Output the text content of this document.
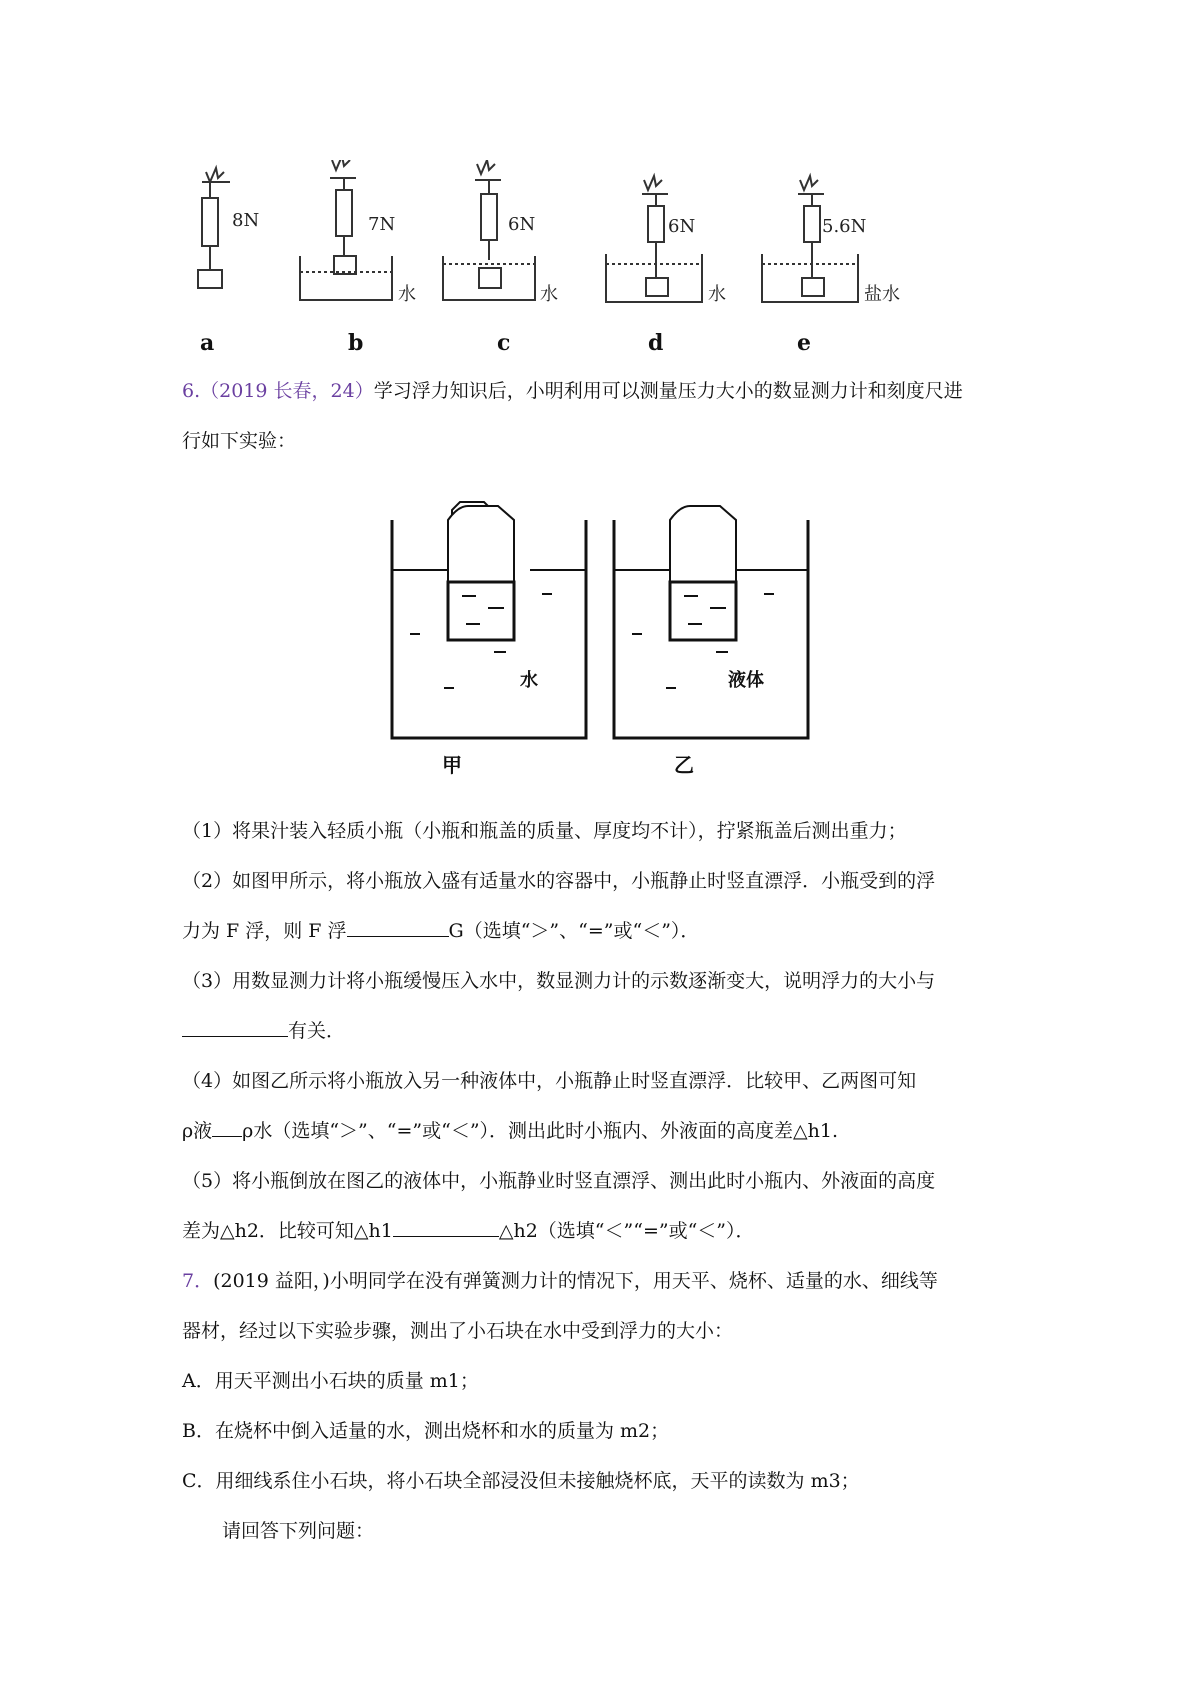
8N	7N	6N	6N	5.6N
水	水	水	盐水
a	b	c	d	e
6.（2019 长春，24）学习浮力知识后，小明利用可以测量压力大小的数显测力计和刻度尺进
行如下实验：
水	液体
甲	乙
（1）将果汁装入轻质小瓶（小瓶和瓶盖的质量、厚度均不计），拧紧瓶盖后测出重力；
（2）如图甲所示，将小瓶放入盛有适量水的容器中，小瓶静止时竖直漂浮．小瓶受到的浮
力为 F 浮，则 F 浮	G（选填“＞”、“=”或“＜”）．
（3）用数显测力计将小瓶缓慢压入水中，数显测力计的示数逐渐变大，说明浮力的大小与
有关．
（4）如图乙所示将小瓶放入另一种液体中，小瓶静止时竖直漂浮．比较甲、乙两图可知
ρ液 ρ水（选填“＞”、“=”或“＜”）．测出此时小瓶内、外液面的高度差△h1.
（5）将小瓶倒放在图乙的液体中，小瓶静业时竖直漂浮、测出此时小瓶内、外液面的高度
差为△h2．比较可知△h1	△h2（选填“＜”“=”或“＜”）．
7．(2019 益阳，)小明同学在没有弹簧测力计的情况下，用天平、烧杯、适量的水、细线等
器材，经过以下实验步骤，测出了小石块在水中受到浮力的大小：
A．用天平测出小石块的质量 m1；
B．在烧杯中倒入适量的水，测出烧杯和水的质量为 m2；
C．用细线系住小石块，将小石块全部浸没但未接触烧杯底，天平的读数为 m3；
请回答下列问题：
